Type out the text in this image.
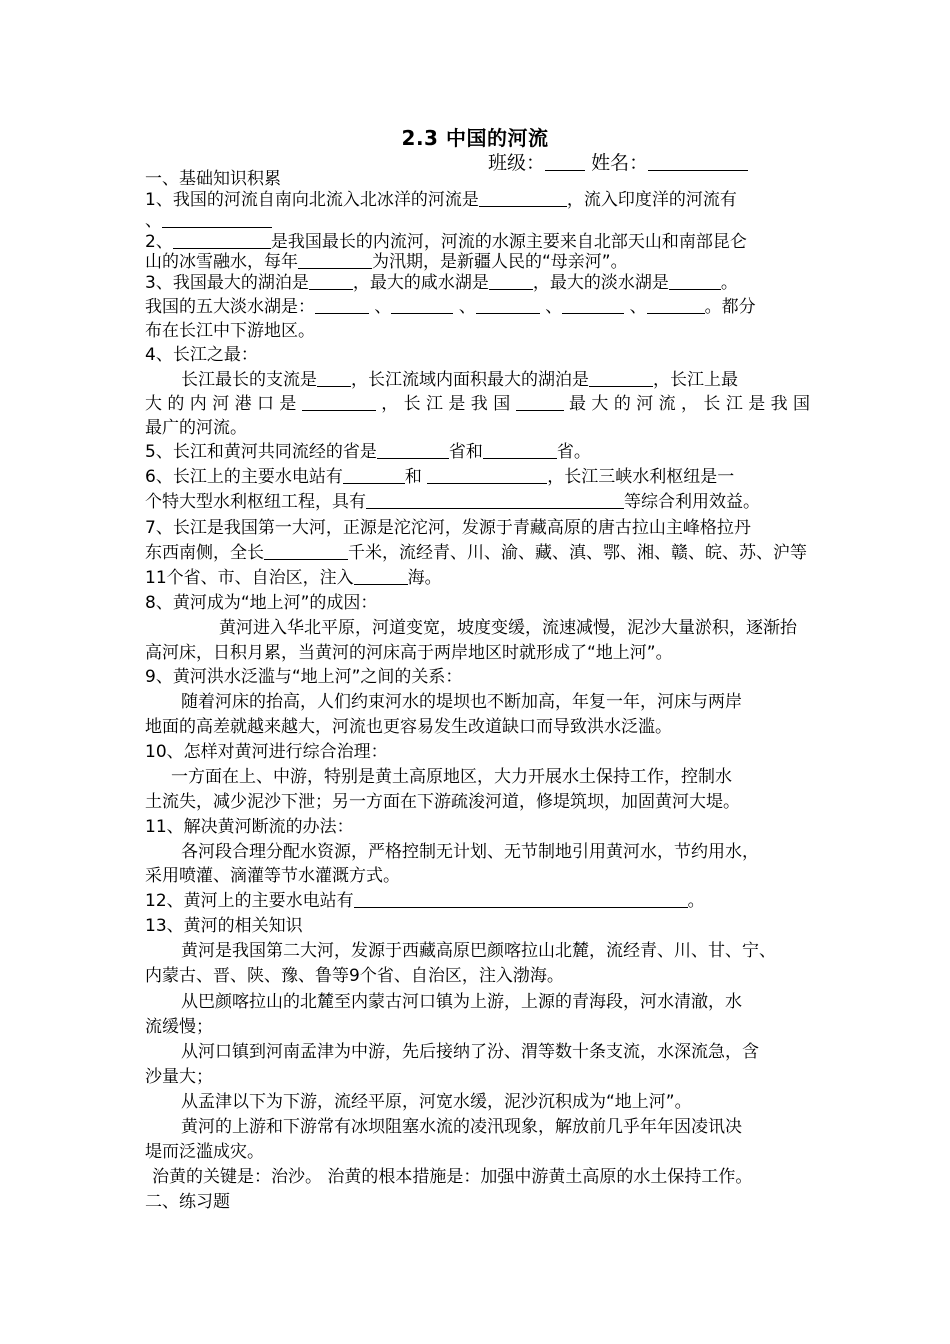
2.3 中国的河流
班级： 姓名：
一、基础知识积累
1、我国的河流自南向北流入北冰洋的河流是	，流入印度洋的河流有
、
2、	是我国最长的内流河，河流的水源主要来自北部天山和南部昆仑
山的冰雪融水，每年	为汛期，是新疆人民的“母亲河”。
3、我国最大的湖泊是	，最大的咸水湖是	，最大的淡水湖是	。
我国的五大淡水湖是：	、	、	、	、	。都分
布在长江中下游地区。
4、长江之最：
长江最长的支流是 ，长江流域内面积最大的湖泊是	，长江上最
大的内河港口是	，长江是我国	最大的河流，长江是我国
最广的河流。
5、长江和黄河共同流经的省是	省和	省。
6、长江上的主要水电站有	和	，长江三峡水利枢纽是一
个特大型水利枢纽工程，具有	等综合利用效益。
7、长江是我国第一大河，正源是沱沱河，发源于青藏高原的唐古拉山主峰格拉丹
东西南侧，全长	千米，流经青、川、渝、藏、滇、鄂、湘、赣、皖、苏、沪等
11个省、市、自治区，注入	海。
8、黄河成为“地上河”的成因：
黄河进入华北平原，河道变宽，坡度变缓，流速减慢，泥沙大量淤积，逐渐抬
高河床，日积月累，当黄河的河床高于两岸地区时就形成了“地上河”。
9、黄河洪水泛滥与“地上河”之间的关系：
随着河床的抬高，人们约束河水的堤坝也不断加高，年复一年，河床与两岸
地面的高差就越来越大，河流也更容易发生改道缺口而导致洪水泛滥。
10、怎样对黄河进行综合治理：
一方面在上、中游，特别是黄土高原地区，大力开展水土保持工作，控制水
土流失，减少泥沙下泄；另一方面在下游疏浚河道，修堤筑坝，加固黄河大堤。
11、解决黄河断流的办法：
各河段合理分配水资源，严格控制无计划、无节制地引用黄河水，节约用水，
采用喷灌、滴灌等节水灌溉方式。
12、黄河上的主要水电站有	。
13、黄河的相关知识
黄河是我国第二大河，发源于西藏高原巴颜喀拉山北麓，流经青、川、甘、宁、
内蒙古、晋、陕、豫、鲁等9个省、自治区，注入渤海。
从巴颜喀拉山的北麓至内蒙古河口镇为上游，上源的青海段，河水清澈，水
流缓慢；
从河口镇到河南孟津为中游，先后接纳了汾、渭等数十条支流，水深流急，含
沙量大；
从孟津以下为下游，流经平原，河宽水缓，泥沙沉积成为“地上河”。
黄河的上游和下游常有冰坝阻塞水流的凌汛现象，解放前几乎年年因凌讯决
堤而泛滥成灾。
治黄的关键是：治沙。 治黄的根本措施是：加强中游黄土高原的水土保持工作。
二、练习题
